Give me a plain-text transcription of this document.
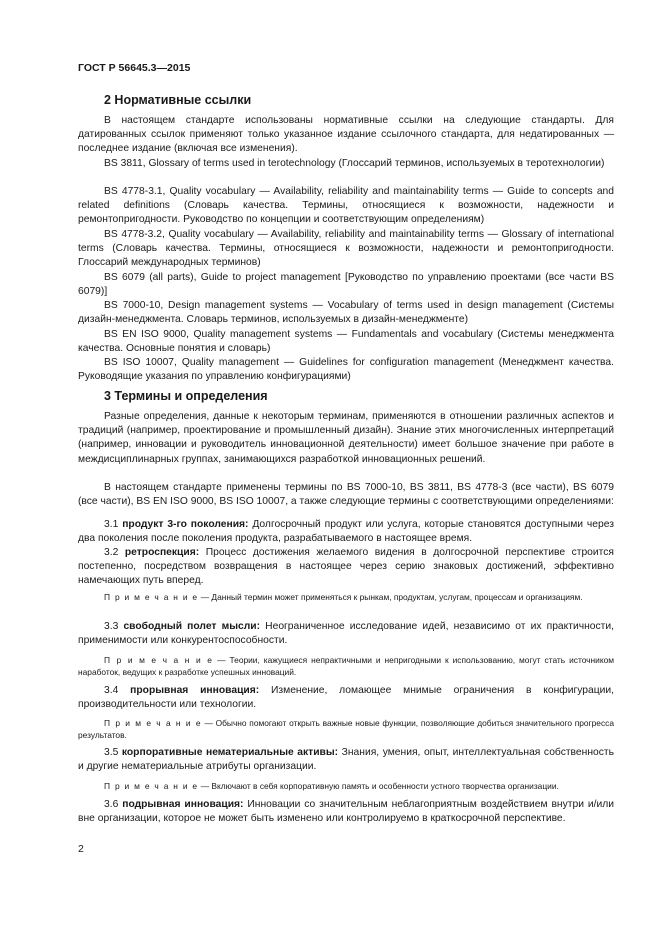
ГОСТ Р 56645.3—2015
2 Нормативные ссылки
В настоящем стандарте использованы нормативные ссылки на следующие стандарты. Для датированных ссылок применяют только указанное издание ссылочного стандарта, для недатированных — последнее издание (включая все изменения).
BS 3811, Glossary of terms used in terotechnology (Глоссарий терминов, используемых в теротехнологии)
BS 4778-3.1, Quality vocabulary — Availability, reliability and maintainability terms — Guide to concepts and related definitions (Словарь качества. Термины, относящиеся к возможности, надежности и ремонтопригодности. Руководство по концепции и соответствующим определениям)
BS 4778-3.2, Quality vocabulary — Availability, reliability and maintainability terms — Glossary of international terms (Словарь качества. Термины, относящиеся к возможности, надежности и ремонтопригодности. Глоссарий международных терминов)
BS 6079 (all parts), Guide to project management [Руководство по управлению проектами (все части BS 6079)]
BS 7000-10, Design management systems — Vocabulary of terms used in design management (Системы дизайн-менеджмента. Словарь терминов, используемых в дизайн-менеджменте)
BS EN ISO 9000, Quality management systems — Fundamentals and vocabulary (Системы менеджмента качества. Основные понятия и словарь)
BS ISO 10007, Quality management — Guidelines for configuration management (Менеджмент качества. Руководящие указания по управлению конфигурациями)
3 Термины и определения
Разные определения, данные к некоторым терминам, применяются в отношении различных аспектов и традиций (например, проектирование и промышленный дизайн). Знание этих многочисленных интерпретаций (например, инновации и руководитель инновационной деятельности) имеет большое значение при работе в междисциплинарных группах, занимающихся разработкой инновационных решений.
В настоящем стандарте применены термины по BS 7000-10, BS 3811, BS 4778-3 (все части), BS 6079 (все части), BS EN ISO 9000, BS ISO 10007, а также следующие термины с соответствующими определениями:
3.1 продукт 3-го поколения: Долгосрочный продукт или услуга, которые становятся доступными через два поколения после поколения продукта, разрабатываемого в настоящее время.
3.2 ретроспекция: Процесс достижения желаемого видения в долгосрочной перспективе строится постепенно, посредством возвращения в настоящее через серию знаковых достижений, эффективно намечающих путь вперед.
П р и м е ч а н и е — Данный термин может применяться к рынкам, продуктам, услугам, процессам и организациям.
3.3 свободный полет мысли: Неограниченное исследование идей, независимо от их практичности, применимости или конкурентоспособности.
П р и м е ч а н и е — Теории, кажущиеся непрактичными и непригодными к использованию, могут стать источником наработок, ведущих к разработке успешных инноваций.
3.4 прорывная инновация: Изменение, ломающее мнимые ограничения в конфигурации, производительности или технологии.
П р и м е ч а н и е — Обычно помогают открыть важные новые функции, позволяющие добиться значительного прогресса результатов.
3.5 корпоративные нематериальные активы: Знания, умения, опыт, интеллектуальная собственность и другие нематериальные атрибуты организации.
П р и м е ч а н и е — Включают в себя корпоративную память и особенности устного творчества организации.
3.6 подрывная инновация: Инновации со значительным неблагоприятным воздействием внутри и/или вне организации, которое не может быть изменено или контролируемо в краткосрочной перспективе.
2
